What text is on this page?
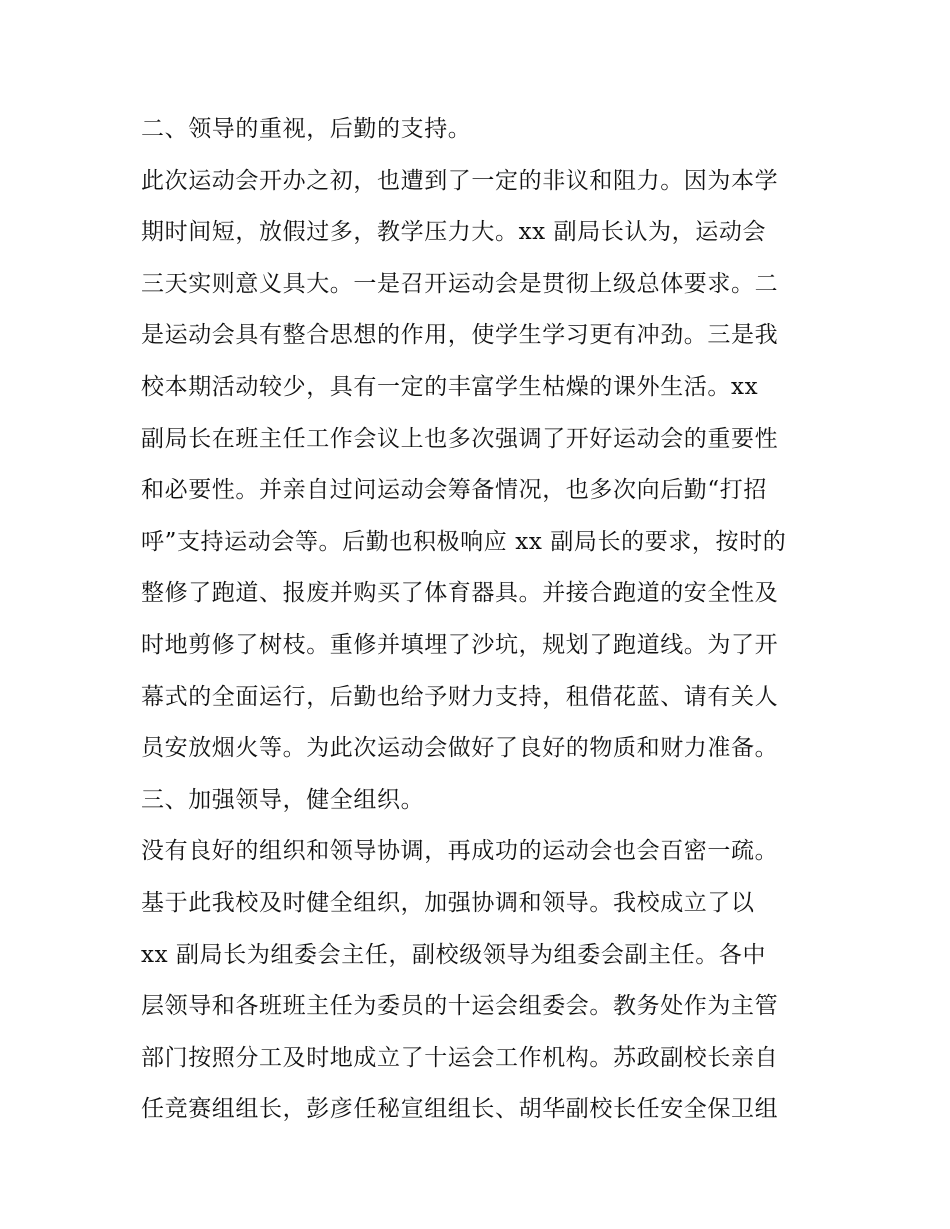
二、领导的重视，后勤的支持。
此次运动会开办之初，也遭到了一定的非议和阻力。因为本学
期时间短，放假过多，教学压力大。xx 副局长认为，运动会
三天实则意义具大。一是召开运动会是贯彻上级总体要求。二
是运动会具有整合思想的作用，使学生学习更有冲劲。三是我
校本期活动较少，具有一定的丰富学生枯燥的课外生活。xx
副局长在班主任工作会议上也多次强调了开好运动会的重要性
和必要性。并亲自过问运动会筹备情况，也多次向后勤“打招
呼”支持运动会等。后勤也积极响应 xx 副局长的要求，按时的
整修了跑道、报废并购买了体育器具。并接合跑道的安全性及
时地剪修了树枝。重修并填埋了沙坑，规划了跑道线。为了开
幕式的全面运行，后勤也给予财力支持，租借花蓝、请有关人
员安放烟火等。为此次运动会做好了良好的物质和财力准备。
三、加强领导，健全组织。
没有良好的组织和领导协调，再成功的运动会也会百密一疏。
基于此我校及时健全组织，加强协调和领导。我校成立了以
xx 副局长为组委会主任，副校级领导为组委会副主任。各中
层领导和各班班主任为委员的十运会组委会。教务处作为主管
部门按照分工及时地成立了十运会工作机构。苏政副校长亲自
任竞赛组组长，彭彦任秘宣组组长、胡华副校长任安全保卫组
